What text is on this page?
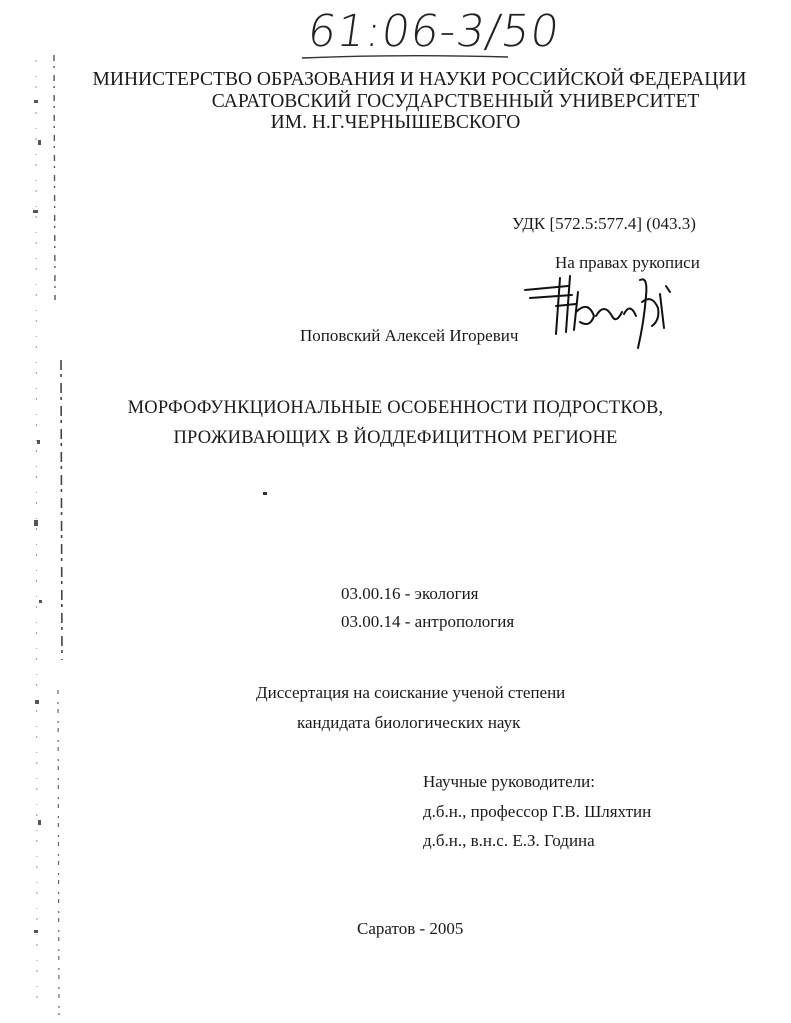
61:06-3/50
МИНИСТЕРСТВО ОБРАЗОВАНИЯ И НАУКИ РОССИЙСКОЙ ФЕДЕРАЦИИ
САРАТОВСКИЙ ГОСУДАРСТВЕННЫЙ УНИВЕРСИТЕТ
ИМ. Н.Г.ЧЕРНЫШЕВСКОГО
УДК [572.5:577.4] (043.3)
На правах рукописи
Поповский Алексей Игоревич
МОРФОФУНКЦИОНАЛЬНЫЕ ОСОБЕННОСТИ ПОДРОСТКОВ,
ПРОЖИВАЮЩИХ В ЙОДДЕФИЦИТНОМ РЕГИОНЕ
03.00.16 - экология
03.00.14 - антропология
Диссертация на соискание ученой степени
кандидата биологических наук
Научные руководители:
д.б.н., профессор Г.В. Шляхтин
д.б.н., в.н.с. Е.З. Година
Саратов - 2005
